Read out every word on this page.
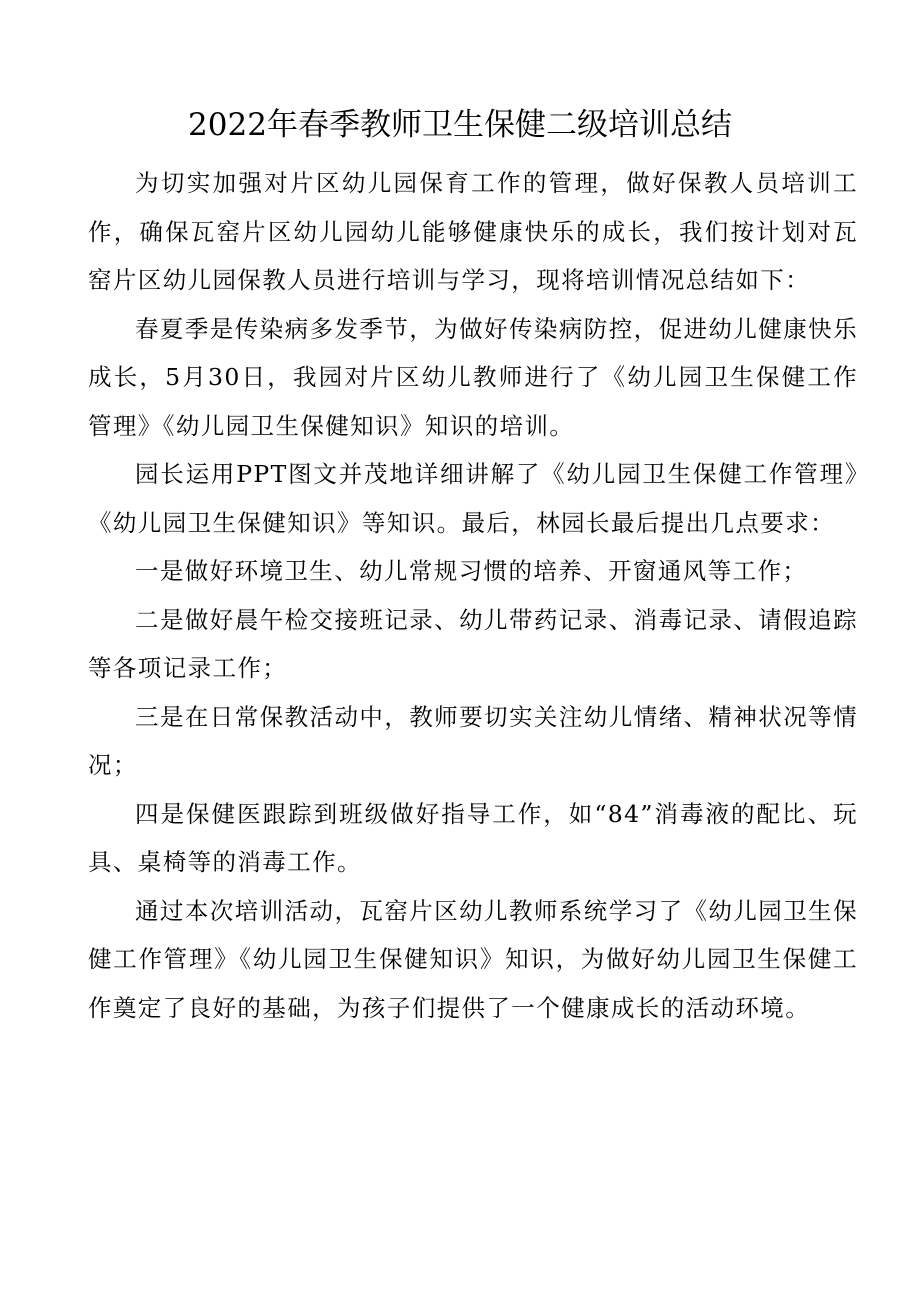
2022年春季教师卫生保健二级培训总结

为切实加强对片区幼儿园保育工作的管理，做好保教人员培训工作，确保瓦窑片区幼儿园幼儿能够健康快乐的成长，我们按计划对瓦窑片区幼儿园保教人员进行培训与学习，现将培训情况总结如下：

春夏季是传染病多发季节，为做好传染病防控，促进幼儿健康快乐成长，5月30日，我园对片区幼儿教师进行了《幼儿园卫生保健工作管理》《幼儿园卫生保健知识》知识的培训。

园长运用PPT图文并茂地详细讲解了《幼儿园卫生保健工作管理》《幼儿园卫生保健知识》等知识。最后，林园长最后提出几点要求：

一是做好环境卫生、幼儿常规习惯的培养、开窗通风等工作；

二是做好晨午检交接班记录、幼儿带药记录、消毒记录、请假追踪等各项记录工作；

三是在日常保教活动中，教师要切实关注幼儿情绪、精神状况等情况；

四是保健医跟踪到班级做好指导工作，如“84”消毒液的配比、玩具、桌椅等的消毒工作。

通过本次培训活动，瓦窑片区幼儿教师系统学习了《幼儿园卫生保健工作管理》《幼儿园卫生保健知识》知识，为做好幼儿园卫生保健工作奠定了良好的基础，为孩子们提供了一个健康成长的活动环境。
